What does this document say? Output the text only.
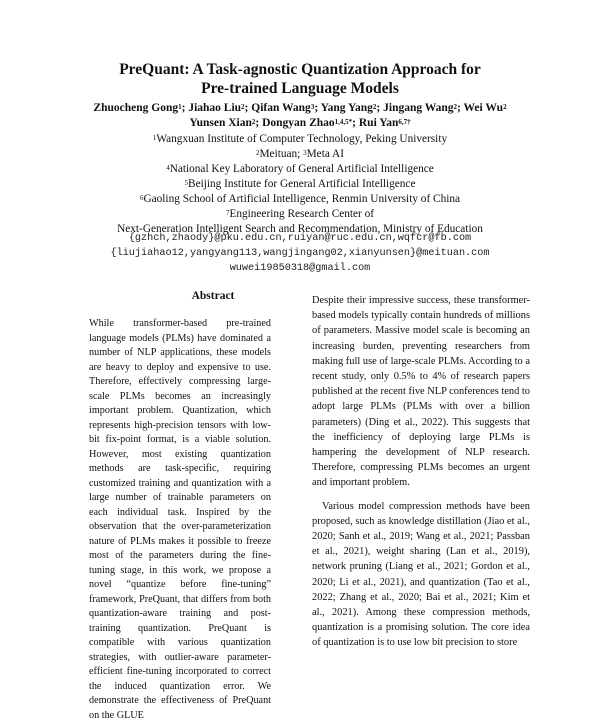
PreQuant: A Task-agnostic Quantization Approach for
Pre-trained Language Models
Zhuocheng Gong$^1$; Jiahao Liu$^2$; Qifan Wang$^3$; Yang Yang$^2$; Jingang Wang$^2$; Wei Wu$^2$
Yunsen Xian$^2$; Dongyan Zhao$^{1,4,5*}$; Rui Yan$^{6,7\dagger}$
$^1$Wangxuan Institute of Computer Technology, Peking University
$^2$Meituan; $^3$Meta AI
$^4$National Key Laboratory of General Artificial Intelligence
$^5$Beijing Institute for General Artificial Intelligence
$^6$Gaoling School of Artificial Intelligence, Renmin University of China
$^7$Engineering Research Center of
Next-Generation Intelligent Search and Recommendation, Ministry of Education
{gzhch,zhaody}@pku.edu.cn,ruiyan@ruc.edu.cn,wqfcr@fb.com
{liujiahao12,yangyang113,wangjingang02,xianyunsen}@meituan.com
wuwei19850318@gmail.com
Abstract

While transformer-based pre-trained language models (PLMs) have dominated a number of NLP applications, these models are heavy to deploy and expensive to use. Therefore, effectively compressing large-scale PLMs becomes an increasingly important problem. Quantization, which represents high-precision tensors with low-bit fix-point format, is a viable solution. However, most existing quantization methods are task-specific, requiring customized training and quantization with a large number of trainable parameters on each individual task. Inspired by the observation that the over-parameterization nature of PLMs makes it possible to freeze most of the parameters during the fine-tuning stage, in this work, we propose a novel “quantize before fine-tuning” framework, PreQuant, that differs from both quantization-aware training and post-training quantization. PreQuant is compatible with various quantization strategies, with outlier-aware parameter-efficient fine-tuning incorporated to correct the induced quantization error. We demonstrate the effectiveness of PreQuant on the GLUE

Despite their impressive success, these transformer-based models typically contain hundreds of millions of parameters. Massive model scale is becoming an increasing burden, preventing researchers from making full use of large-scale PLMs. According to a recent study, only 0.5% to 4% of research papers published at the recent five NLP conferences tend to adopt large PLMs (PLMs with over a billion parameters) (Ding et al., 2022). This suggests that the inefficiency of deploying large PLMs is hampering the development of NLP research. Therefore, compressing PLMs becomes an urgent and important problem.

Various model compression methods have been proposed, such as knowledge distillation (Jiao et al., 2020; Sanh et al., 2019; Wang et al., 2021; Passban et al., 2021), weight sharing (Lan et al., 2019), network pruning (Liang et al., 2021; Gordon et al., 2020; Li et al., 2021), and quantization (Tao et al., 2022; Zhang et al., 2020; Bai et al., 2021; Kim et al., 2021). Among these compression methods, quantization is a promising solution. The core idea of quantization is to use low bit precision to store
